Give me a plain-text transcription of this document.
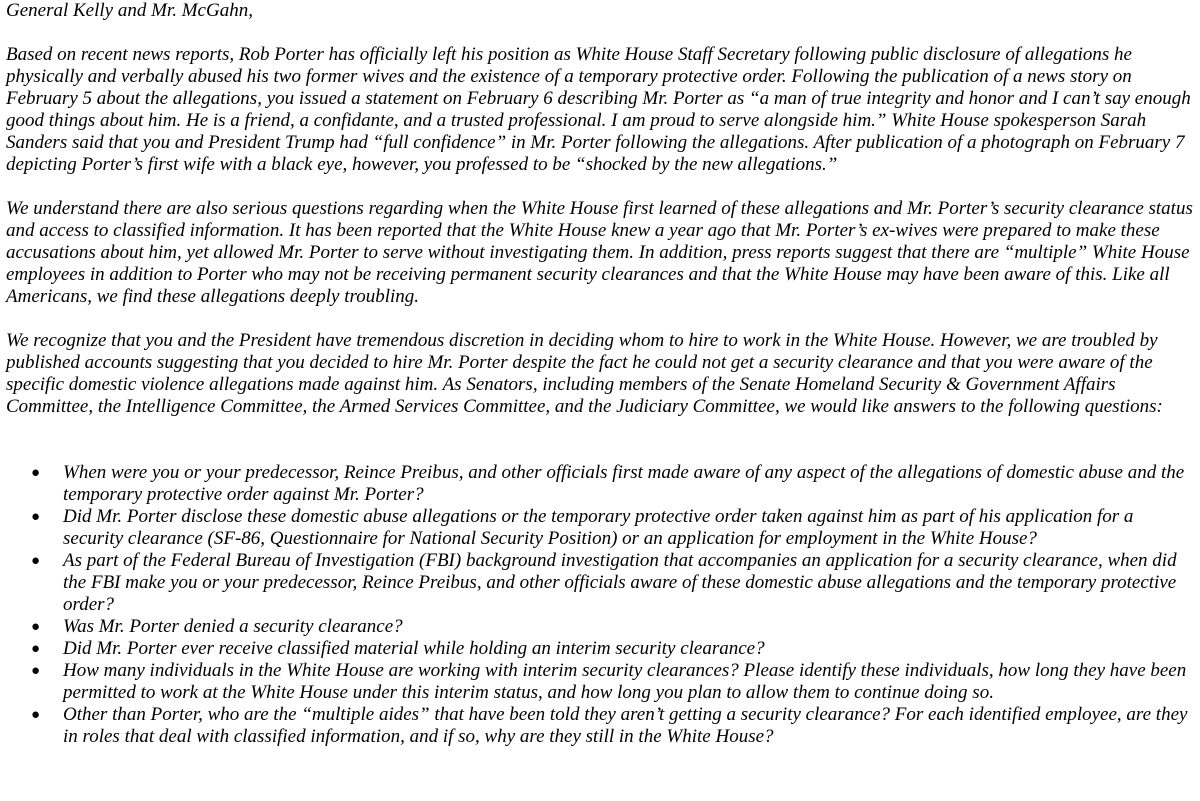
General Kelly and Mr. McGahn,

Based on recent news reports, Rob Porter has officially left his position as White House Staff Secretary following public disclosure of allegations he physically and verbally abused his two former wives and the existence of a temporary protective order. Following the publication of a news story on February 5 about the allegations, you issued a statement on February 6 describing Mr. Porter as “a man of true integrity and honor and I can’t say enough good things about him. He is a friend, a confidante, and a trusted professional. I am proud to serve alongside him.” White House spokesperson Sarah Sanders said that you and President Trump had “full confidence” in Mr. Porter following the allegations. After publication of a photograph on February 7 depicting Porter’s first wife with a black eye, however, you professed to be “shocked by the new allegations.”

We understand there are also serious questions regarding when the White House first learned of these allegations and Mr. Porter’s security clearance status and access to classified information. It has been reported that the White House knew a year ago that Mr. Porter’s ex-wives were prepared to make these accusations about him, yet allowed Mr. Porter to serve without investigating them. In addition, press reports suggest that there are “multiple” White House employees in addition to Porter who may not be receiving permanent security clearances and that the White House may have been aware of this. Like all Americans, we find these allegations deeply troubling.

We recognize that you and the President have tremendous discretion in deciding whom to hire to work in the White House. However, we are troubled by published accounts suggesting that you decided to hire Mr. Porter despite the fact he could not get a security clearance and that you were aware of the specific domestic violence allegations made against him. As Senators, including members of the Senate Homeland Security & Government Affairs Committee, the Intelligence Committee, the Armed Services Committee, and the Judiciary Committee, we would like answers to the following questions:

● When were you or your predecessor, Reince Preibus, and other officials first made aware of any aspect of the allegations of domestic abuse and the temporary protective order against Mr. Porter?
● Did Mr. Porter disclose these domestic abuse allegations or the temporary protective order taken against him as part of his application for a security clearance (SF-86, Questionnaire for National Security Position) or an application for employment in the White House?
● As part of the Federal Bureau of Investigation (FBI) background investigation that accompanies an application for a security clearance, when did the FBI make you or your predecessor, Reince Preibus, and other officials aware of these domestic abuse allegations and the temporary protective order?
● Was Mr. Porter denied a security clearance?
● Did Mr. Porter ever receive classified material while holding an interim security clearance?
● How many individuals in the White House are working with interim security clearances? Please identify these individuals, how long they have been permitted to work at the White House under this interim status, and how long you plan to allow them to continue doing so.
● Other than Porter, who are the “multiple aides” that have been told they aren’t getting a security clearance? For each identified employee, are they in roles that deal with classified information, and if so, why are they still in the White House?
